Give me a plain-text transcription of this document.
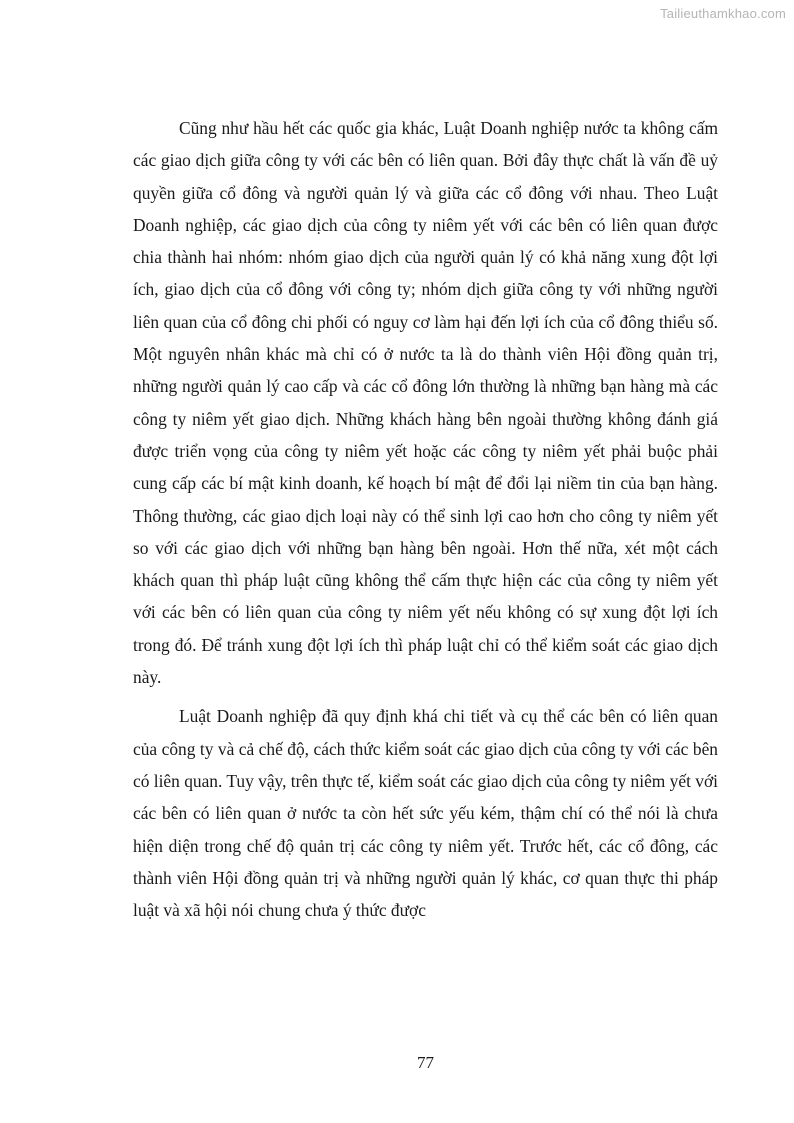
Tailieuthamkhao.com

Cũng như hầu hết các quốc gia khác, Luật Doanh nghiệp nước ta không cấm các giao dịch giữa công ty với các bên có liên quan. Bởi đây thực chất là vấn đề uỷ quyền giữa cổ đông và người quản lý và giữa các cổ đông với nhau. Theo Luật Doanh nghiệp, các giao dịch của công ty niêm yết với các bên có liên quan được chia thành hai nhóm: nhóm giao dịch của người quản lý có khả năng xung đột lợi ích, giao dịch của cổ đông với công ty; nhóm dịch giữa công ty với những người liên quan của cổ đông chi phối có nguy cơ làm hại đến lợi ích của cổ đông thiểu số. Một nguyên nhân khác mà chỉ có ở nước ta là do thành viên Hội đồng quản trị, những người quản lý cao cấp và các cổ đông lớn thường là những bạn hàng mà các công ty niêm yết giao dịch. Những khách hàng bên ngoài thường không đánh giá được triển vọng của công ty niêm yết hoặc các công ty niêm yết phải buộc phải cung cấp các bí mật kinh doanh, kế hoạch bí mật để đổi lại niềm tin của bạn hàng. Thông thường, các giao dịch loại này có thể sinh lợi cao hơn cho công ty niêm yết so với các giao dịch với những bạn hàng bên ngoài. Hơn thế nữa, xét một cách khách quan thì pháp luật cũng không thể cấm thực hiện các của công ty niêm yết với các bên có liên quan của công ty niêm yết nếu không có sự xung đột lợi ích trong đó. Để tránh xung đột lợi ích thì pháp luật chỉ có thể kiểm soát các giao dịch này.

Luật Doanh nghiệp đã quy định khá chi tiết và cụ thể các bên có liên quan của công ty và cả chế độ, cách thức kiểm soát các giao dịch của công ty với các bên có liên quan. Tuy vậy, trên thực tế, kiểm soát các giao dịch của công ty niêm yết với các bên có liên quan ở nước ta còn hết sức yếu kém, thậm chí có thể nói là chưa hiện diện trong chế độ quản trị các công ty niêm yết. Trước hết, các cổ đông, các thành viên Hội đồng quản trị và những người quản lý khác, cơ quan thực thi pháp luật và xã hội nói chung chưa ý thức được

77
